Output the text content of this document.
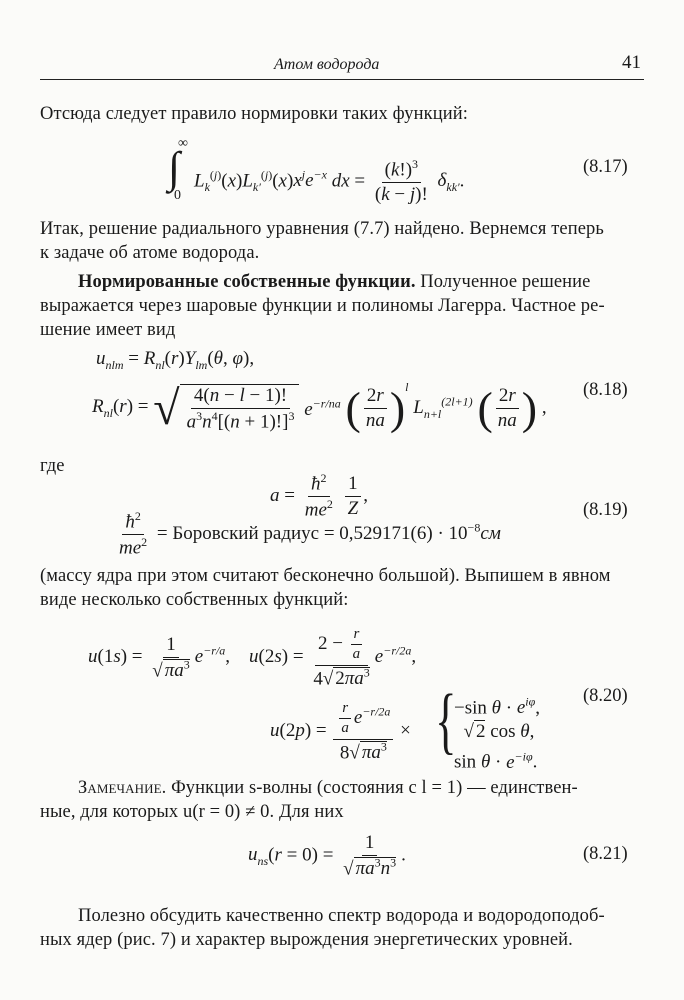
Атом водорода	41
Отсюда следует правило нормировки таких функций:
∞
∫
0
$L_k^{(j)}(x)L_{k'}^{(j)}(x)x^je^{-x}$ dx = $\frac{(k!)^3}{(k - j)!} \delta_{kk'}$.
(8.17)
Итак, решение радиального уравнения (7.7) найдено. Вернемся теперь
к задаче об атоме водорода.
Нормированные собственные функции. Полученное решение
выражается через шаровые функции и полиномы Лагерра. Частное ре-
шение имеет вид
$u_{nlm} = R_{nl}(r)Y_{lm}(\theta$, φ),
$R_{nl}(r)$ = √ $\frac{4(n - l - 1)!}{a^3n^4[(n + 1)!]^3} e^{-r/na}$ ( $\frac{2r}{na} )^l$ $L_{n+l}^{(2l+1)}$ ( $\frac{2r}{na}$ ) ,
(8.18)
где
$a = \frac{ħ^2}{me^2}$
$\frac{1}{Z}$ ,
$\frac{ħ^2}{me^2}$ = Боровский радиус = $0,529171(6) \cdot 10^{-8}см$
(8.19)
(массу ядра при этом считают бесконечно большой). Выпишем в явном
виде несколько собственных функций:
$u(1s) = \frac{1}{√ \pi a^3} e^{-r/a}$,    $u(2s) = \frac{2 - \frac{r}{a}}{4√ 2\pi a^3} e^{-r/2a}$,
$u(2p) = \frac{\frac{r}{a} e^{-r/2a}}{8√ \pi a^3}$ × {
−sin $\theta \cdot e^{i\varphi}$,
√ 2 cos θ,
$\sin \theta \cdot e^{-i\varphi}$.
(8.20)
Замечание. Функции s-волны (состояния с l = 1) — единствен-
ные, для которых u(r = 0) ≠ 0. Для них
$u_{ns}(r = 0) = \frac{1}{√ \pi a^3n^3}$ .	(8.21)
Полезно обсудить качественно спектр водорода и водородоподоб-
ных ядер (рис. 7) и характер вырождения энергетических уровней.
